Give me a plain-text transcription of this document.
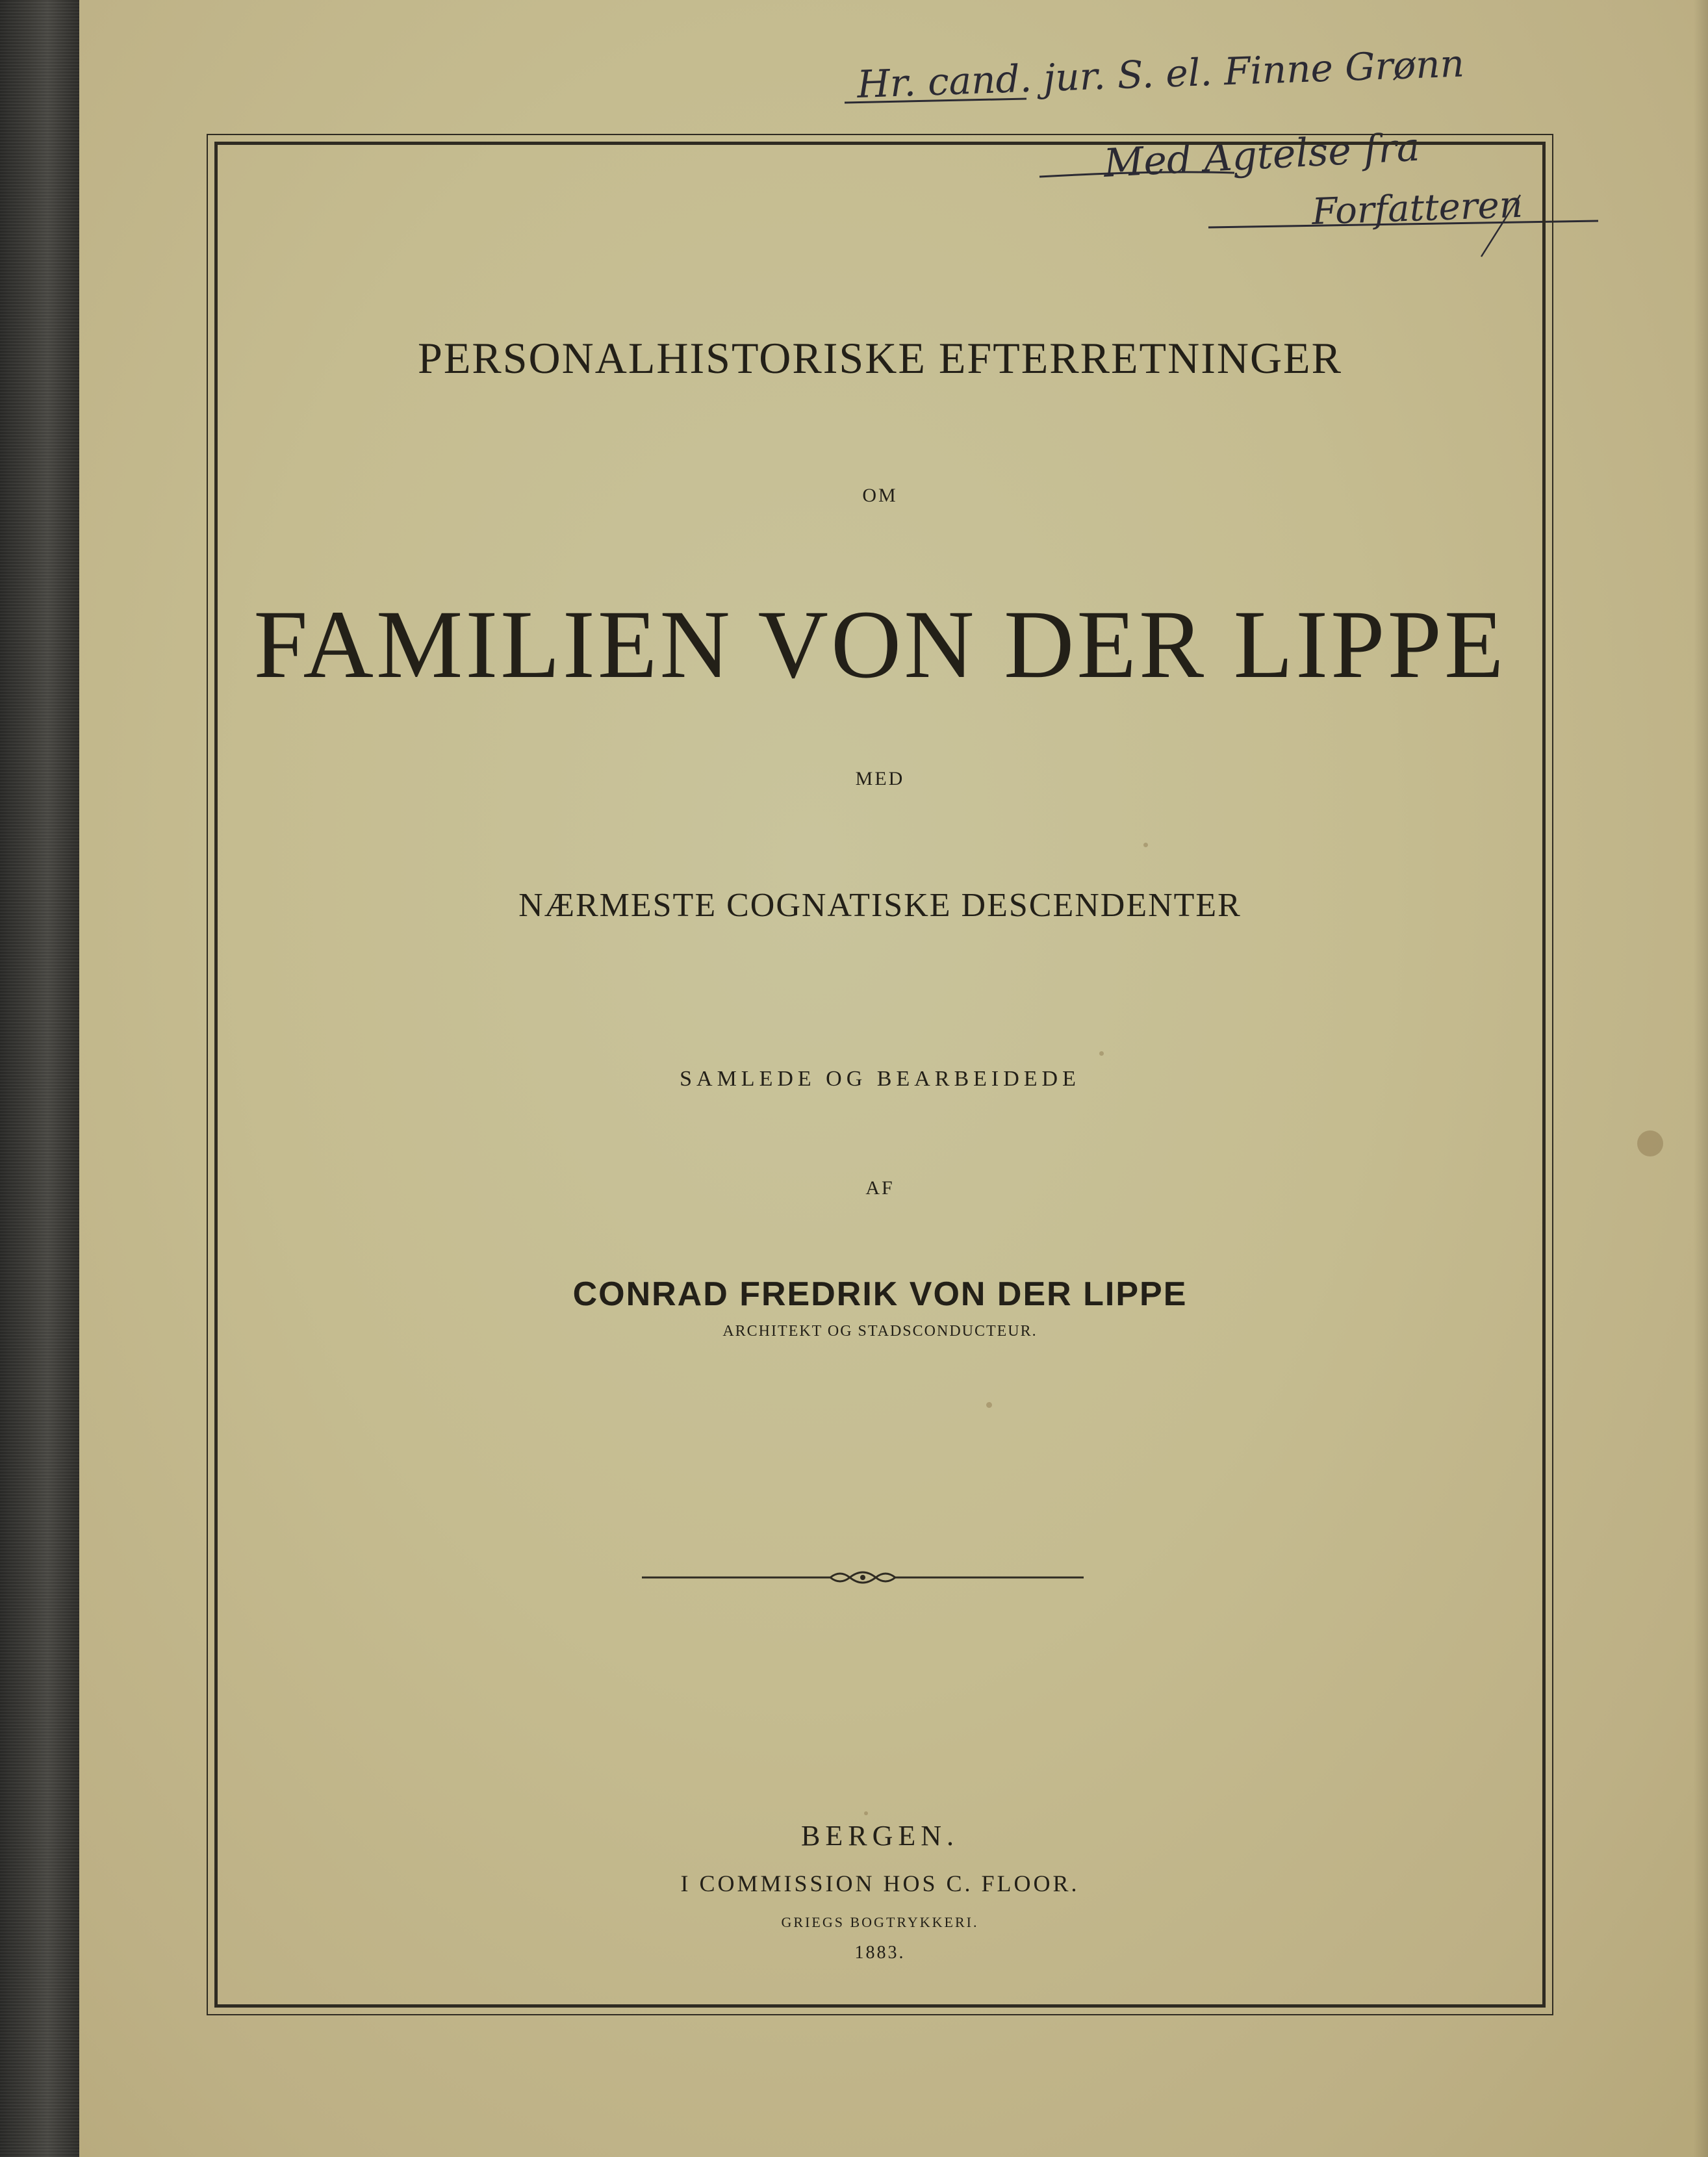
Hr. cand. jur. S. el. Finne Grønn
Med Agtelse fra
Forfatteren

PERSONALHISTORISKE EFTERRETNINGER

OM

FAMILIEN VON DER LIPPE

MED

NÆRMESTE COGNATISKE DESCENDENTER

SAMLEDE OG BEARBEIDEDE

AF

CONRAD FREDRIK VON DER LIPPE

ARCHITEKT OG STADSCONDUCTEUR.

BERGEN.

I COMMISSION HOS C. FLOOR.

GRIEGS BOGTRYKKERI.

1883.
